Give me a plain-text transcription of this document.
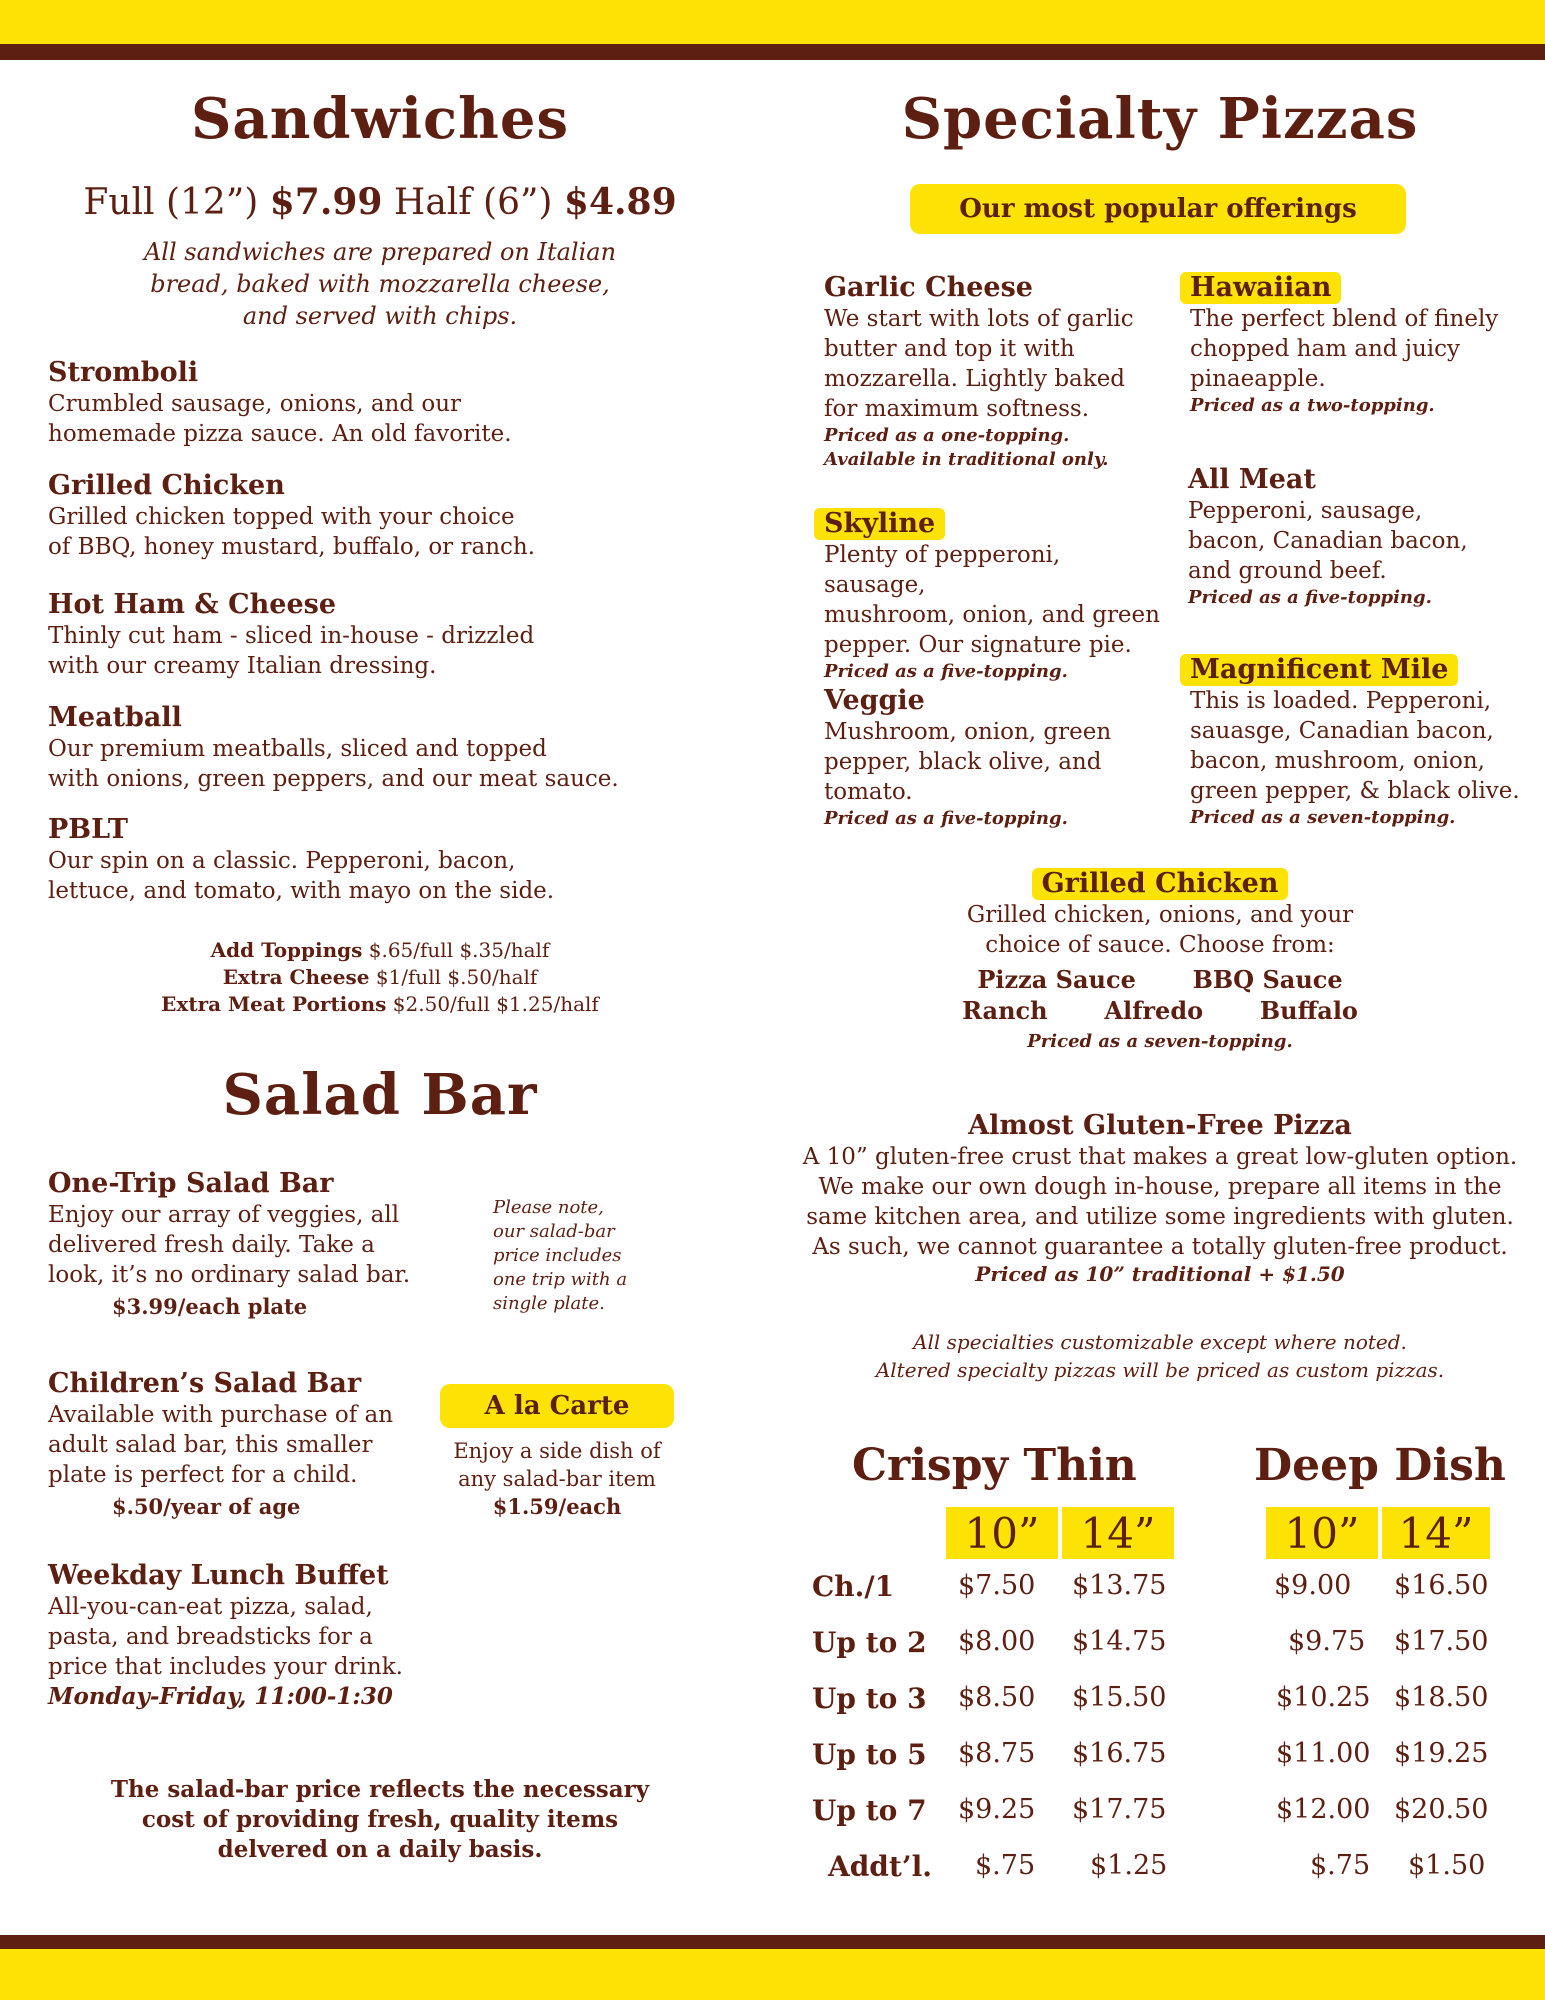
Sandwiches
Full (12”) $7.99 Half (6”) $4.89
All sandwiches are prepared on Italian
bread, baked with mozzarella cheese,
and served with chips.
Stromboli
Crumbled sausage, onions, and our
homemade pizza sauce. An old favorite.
Grilled Chicken
Grilled chicken topped with your choice
of BBQ, honey mustard, buffalo, or ranch.
Hot Ham & Cheese
Thinly cut ham - sliced in-house - drizzled
with our creamy Italian dressing.
Meatball
Our premium meatballs, sliced and topped
with onions, green peppers, and our meat sauce.
PBLT
Our spin on a classic. Pepperoni, bacon,
lettuce, and tomato, with mayo on the side.
Add Toppings $.65/full $.35/half
Extra Cheese $1/full $.50/half
Extra Meat Portions $2.50/full $1.25/half
Salad Bar
One-Trip Salad Bar
Enjoy our array of veggies, all
delivered fresh daily. Take a
look, it’s no ordinary salad bar.
$3.99/each plate
Please note,
our salad-bar
price includes
one trip with a
single plate.
Children’s Salad Bar
Available with purchase of an
adult salad bar, this smaller
plate is perfect for a child.
$.50/year of age
A la Carte
Enjoy a side dish of
any salad-bar item
$1.59/each
Weekday Lunch Buffet
All-you-can-eat pizza, salad,
pasta, and breadsticks for a
price that includes your drink.
Monday-Friday, 11:00-1:30
The salad-bar price reflects the necessary
cost of providing fresh, quality items
delvered on a daily basis.
Specialty Pizzas
Our most popular offerings
Garlic Cheese
We start with lots of garlic
butter and top it with
mozzarella. Lightly baked
for maximum softness.
Priced as a one-topping.
Available in traditional only.
Hawaiian
The perfect blend of finely
chopped ham and juicy
pinaeapple.
Priced as a two-topping.
Skyline
Plenty of pepperoni, sausage,
mushroom, onion, and green
pepper. Our signature pie.
Priced as a five-topping.
All Meat
Pepperoni, sausage,
bacon, Canadian bacon,
and ground beef.
Priced as a five-topping.
Veggie
Mushroom, onion, green
pepper, black olive, and
tomato.
Priced as a five-topping.
Magnificent Mile
This is loaded. Pepperoni,
sauasge, Canadian bacon,
bacon, mushroom, onion,
green pepper, & black olive.
Priced as a seven-topping.
Grilled Chicken
Grilled chicken, onions, and your
choice of sauce. Choose from:
Pizza Sauce BBQ Sauce
Ranch Alfredo Buffalo
Priced as a seven-topping.
Almost Gluten-Free Pizza
A 10” gluten-free crust that makes a great low-gluten option.
We make our own dough in-house, prepare all items in the
same kitchen area, and utilize some ingredients with gluten.
As such, we cannot guarantee a totally gluten-free product.
Priced as 10” traditional + $1.50
All specialties customizable except where noted.
Altered specialty pizzas will be priced as custom pizzas.
Crispy Thin	Deep Dish
10” 14”	10” 14”
Ch./1 $7.50 $13.75	$9.00 $16.50
Up to 2 $8.00 $14.75	$9.75 $17.50
Up to 3 $8.50 $15.50	$10.25 $18.50
Up to 5 $8.75 $16.75	$11.00 $19.25
Up to 7 $9.25 $17.75	$12.00 $20.50
Addt’l. $.75 $1.25	$.75 $1.50
